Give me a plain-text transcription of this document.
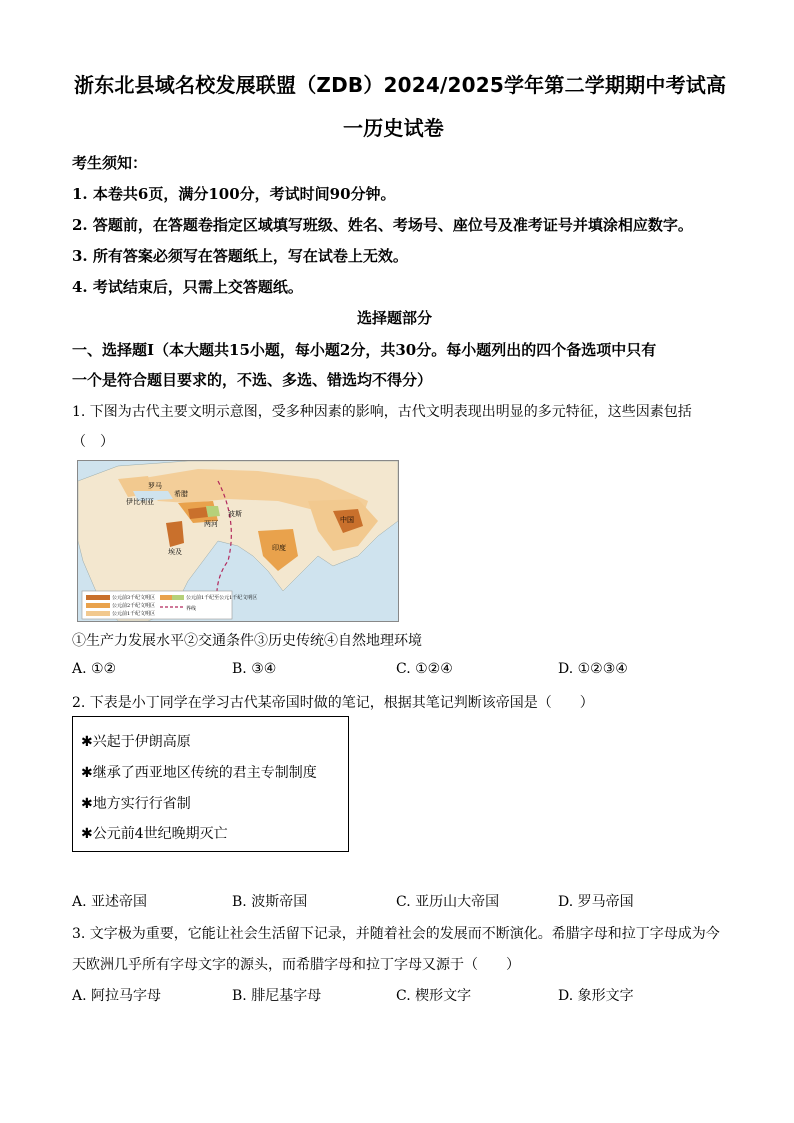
浙东北县域名校发展联盟（ZDB）2024/2025学年第二学期期中考试高
一历史试卷
考生须知：
1. 本卷共6页，满分100分，考试时间90分钟。
2. 答题前，在答题卷指定区域填写班级、姓名、考场号、座位号及准考证号并填涂相应数字。
3. 所有答案必须写在答题纸上，写在试卷上无效。
4. 考试结束后，只需上交答题纸。
选择题部分
一、选择题Ⅰ（本大题共15小题，每小题2分，共30分。每小题列出的四个备选项中只有
一个是符合题目要求的，不选、多选、错选均不得分）
1. 下图为古代主要文明示意图，受多种因素的影响，古代文明表现出明显的多元特征，这些因素包括
（　）
伊比利亚
中国
印度
波斯
埃及
两河
希腊
罗马
公元前3千纪文明区
公元前2千纪文明区
公元前1千纪文明区
公元前1千纪至公元1千纪文明区
界线
①生产力发展水平②交通条件③历史传统④自然地理环境
A. ①②	B. ③④	C. ①②④	D. ①②③④
2. 下表是小丁同学在学习古代某帝国时做的笔记，根据其笔记判断该帝国是（　　）
✱兴起于伊朗高原
✱继承了西亚地区传统的君主专制制度
✱地方实行行省制
✱公元前4世纪晚期灭亡
A. 亚述帝国	B. 波斯帝国	C. 亚历山大帝国	D. 罗马帝国
3. 文字极为重要，它能让社会生活留下记录，并随着社会的发展而不断演化。希腊字母和拉丁字母成为今
天欧洲几乎所有字母文字的源头，而希腊字母和拉丁字母又源于（　　）
A. 阿拉马字母	B. 腓尼基字母	C. 楔形文字	D. 象形文字
